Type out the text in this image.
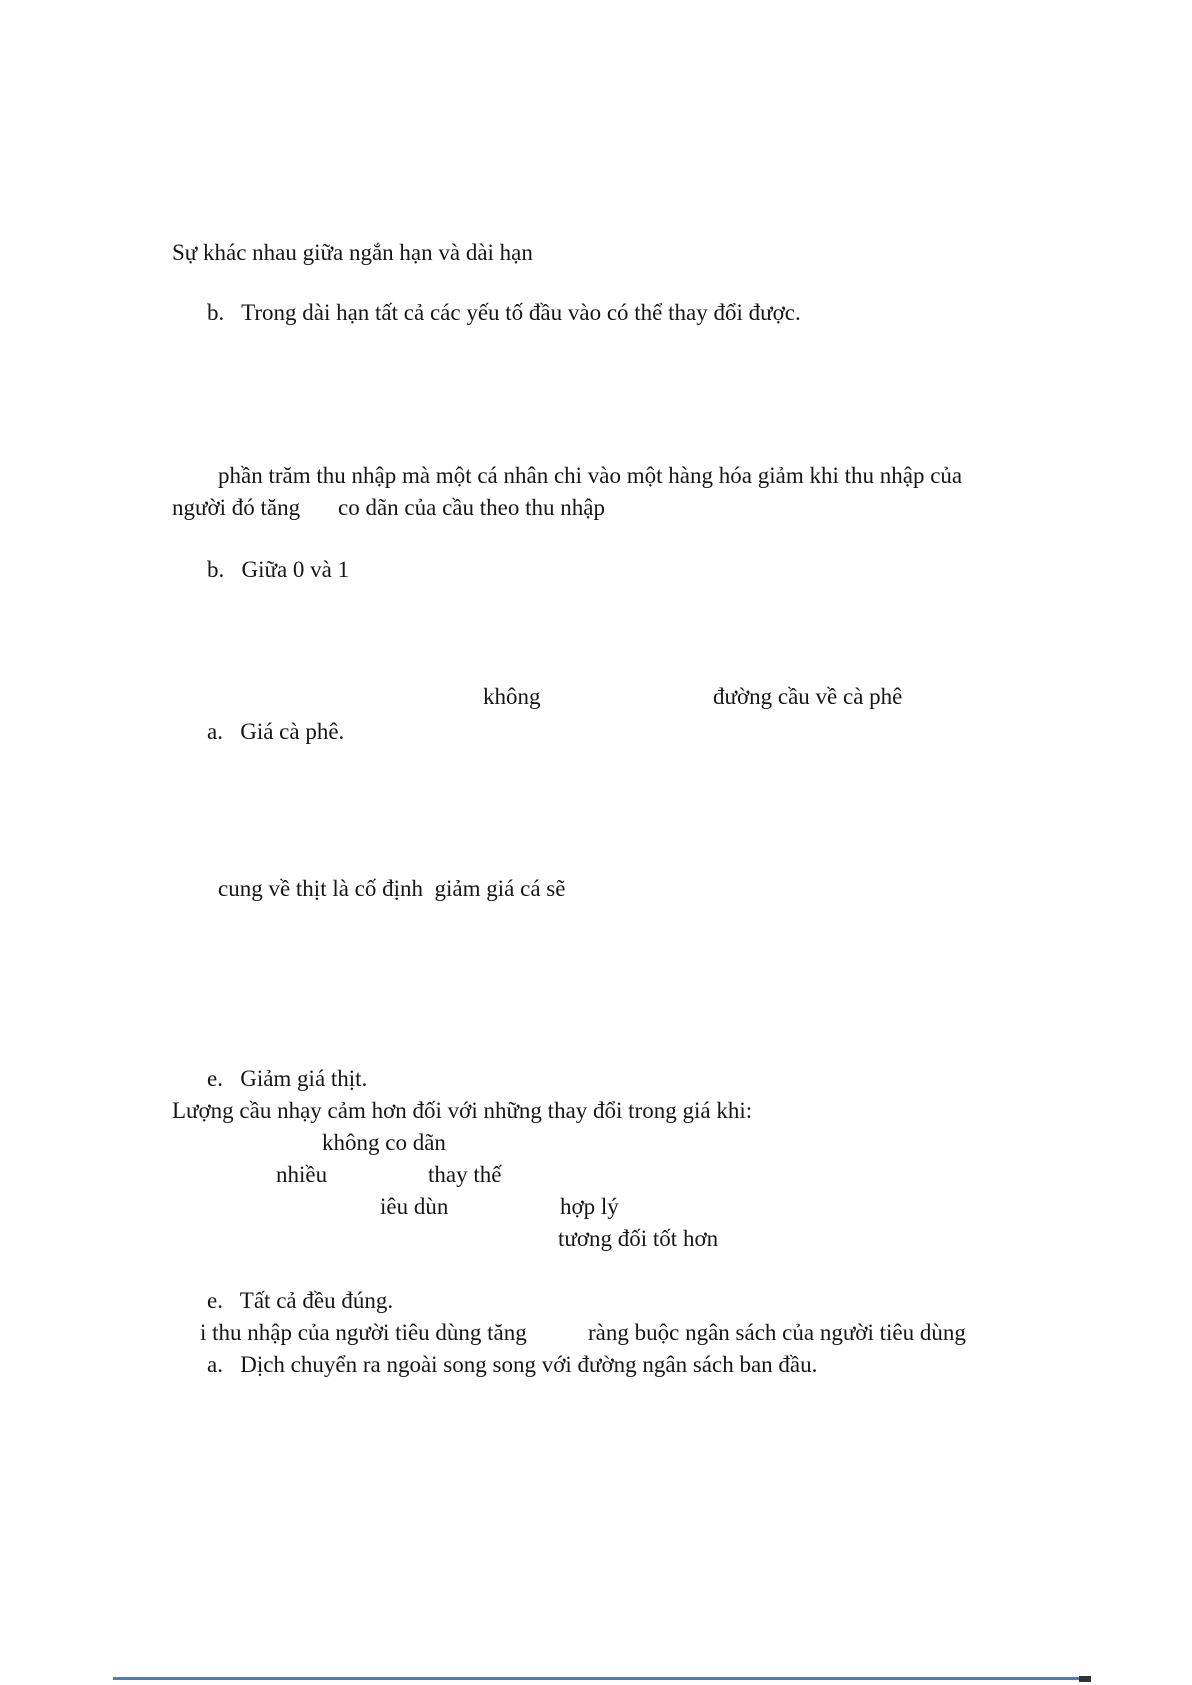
Sự khác nhau giữa ngắn hạn và dài hạn
b.   Trong dài hạn tất cả các yếu tố đầu vào có thể thay đổi được.
phần trăm thu nhập mà một cá nhân chi vào một hàng hóa giảm khi thu nhập của
người đó tăng co dãn của cầu theo thu nhập
b.   Giữa 0 và 1
không	đường cầu về cà phê
a.   Giá cà phê.
cung về thịt là cố định  giảm giá cá sẽ
e.   Giảm giá thịt.
Lượng cầu nhạy cảm hơn đối với những thay đổi trong giá khi:
không co dãn
nhiều	thay thế
iêu dùn	hợp lý
tương đối tốt hơn
e.   Tất cả đều đúng.
i thu nhập của người tiêu dùng tăng	ràng buộc ngân sách của người tiêu dùng
a.   Dịch chuyển ra ngoài song song với đường ngân sách ban đầu.
